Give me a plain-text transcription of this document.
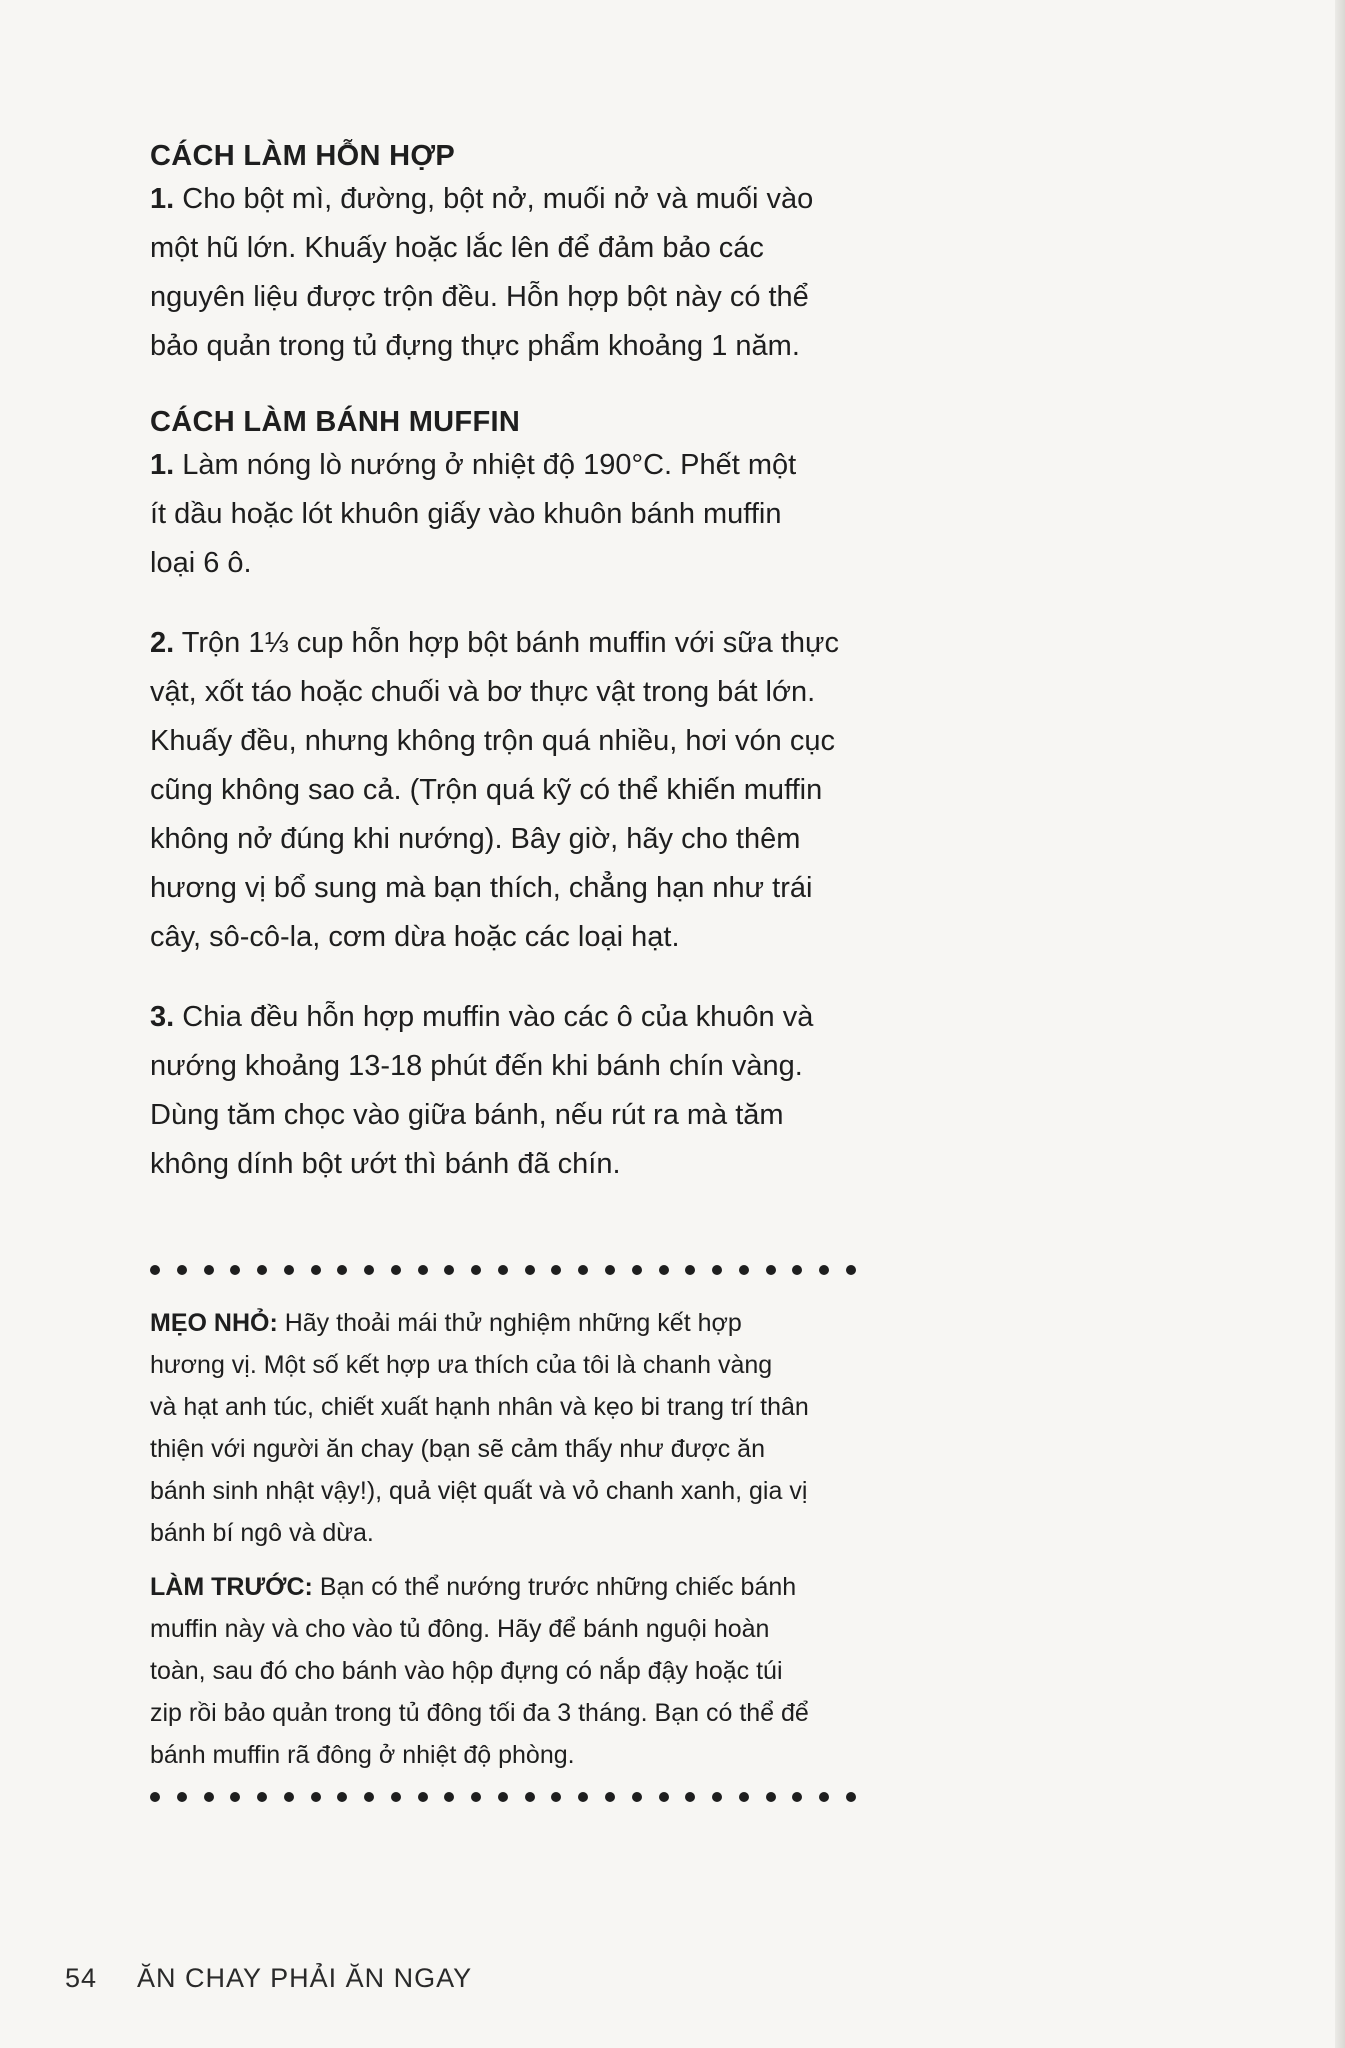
CÁCH LÀM HỖN HỢP

1. Cho bột mì, đường, bột nở, muối nở và muối vào
một hũ lớn. Khuấy hoặc lắc lên để đảm bảo các
nguyên liệu được trộn đều. Hỗn hợp bột này có thể
bảo quản trong tủ đựng thực phẩm khoảng 1 năm.

CÁCH LÀM BÁNH MUFFIN

1. Làm nóng lò nướng ở nhiệt độ 190°C. Phết một
ít dầu hoặc lót khuôn giấy vào khuôn bánh muffin
loại 6 ô.

2. Trộn 1⅓ cup hỗn hợp bột bánh muffin với sữa thực
vật, xốt táo hoặc chuối và bơ thực vật trong bát lớn.
Khuấy đều, nhưng không trộn quá nhiều, hơi vón cục
cũng không sao cả. (Trộn quá kỹ có thể khiến muffin
không nở đúng khi nướng). Bây giờ, hãy cho thêm
hương vị bổ sung mà bạn thích, chẳng hạn như trái
cây, sô-cô-la, cơm dừa hoặc các loại hạt.

3. Chia đều hỗn hợp muffin vào các ô của khuôn và
nướng khoảng 13-18 phút đến khi bánh chín vàng.
Dùng tăm chọc vào giữa bánh, nếu rút ra mà tăm
không dính bột ướt thì bánh đã chín.

MẸO NHỎ: Hãy thoải mái thử nghiệm những kết hợp
hương vị. Một số kết hợp ưa thích của tôi là chanh vàng
và hạt anh túc, chiết xuất hạnh nhân và kẹo bi trang trí thân
thiện với người ăn chay (bạn sẽ cảm thấy như được ăn
bánh sinh nhật vậy!), quả việt quất và vỏ chanh xanh, gia vị
bánh bí ngô và dừa.

LÀM TRƯỚC: Bạn có thể nướng trước những chiếc bánh
muffin này và cho vào tủ đông. Hãy để bánh nguội hoàn
toàn, sau đó cho bánh vào hộp đựng có nắp đậy hoặc túi
zip rồi bảo quản trong tủ đông tối đa 3 tháng. Bạn có thể để
bánh muffin rã đông ở nhiệt độ phòng.

54 ĂN CHAY PHẢI ĂN NGAY
